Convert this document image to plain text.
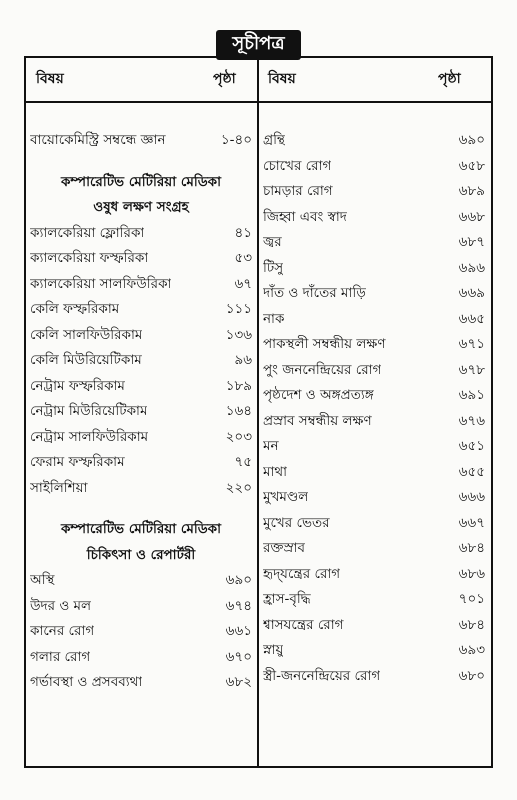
সূচীপত্র
বিষয়	পৃষ্ঠা বিষয়	পৃষ্ঠা
বায়োকেমিস্ট্রি সম্বন্ধে জ্ঞান	১-৪০
কম্পারেটিভ মেটিরিয়া মেডিকা
ওষুধ লক্ষণ সংগ্রহ
ক্যালকেরিয়া ফ্লোরিকা	৪১
ক্যালকেরিয়া ফস্ফরিকা	৫৩
ক্যালকেরিয়া সালফিউরিকা	৬৭
কেলি ফস্ফরিকাম	১১১
কেলি সালফিউরিকাম	১৩৬
কেলি মিউরিয়েটিকাম	৯৬
নেট্রাম ফস্ফরিকাম	১৮৯
নেট্রাম মিউরিয়েটিকাম	১৬৪
নেট্রাম সালফিউরিকাম	২০৩
ফেরাম ফস্ফরিকাম	৭৫
সাইলিশিয়া	২২০
কম্পারেটিভ মেটিরিয়া মেডিকা
চিকিৎসা ও রেপার্টরী
অস্থি	৬৯০
উদর ও মল	৬৭৪
কানের রোগ	৬৬১
গলার রোগ	৬৭০
গর্ভাবস্থা ও প্রসবব্যথা	৬৮২
গ্রন্থি	৬৯০
চোখের রোগ	৬৫৮
চামড়ার রোগ	৬৮৯
জিহ্বা এবং স্বাদ	৬৬৮
জ্বর	৬৮৭
টিসু	৬৯৬
দাঁত ও দাঁতের মাড়ি	৬৬৯
নাক	৬৬৫
পাকস্থলী সম্বন্ধীয় লক্ষণ	৬৭১
পুং জননেন্দ্রিয়ের রোগ	৬৭৮
পৃষ্ঠদেশ ও অঙ্গপ্রত্যঙ্গ	৬৯১
প্রস্রাব সম্বন্ধীয় লক্ষণ	৬৭৬
মন	৬৫১
মাথা	৬৫৫
মুখমণ্ডল	৬৬৬
মুখের ভেতর	৬৬৭
রক্তস্রাব	৬৮৪
হৃদ্‌যন্ত্রের রোগ	৬৮৬
হ্রাস-বৃদ্ধি	৭০১
শ্বাসযন্ত্রের রোগ	৬৮৪
স্নায়ু	৬৯৩
স্ত্রী-জননেন্দ্রিয়ের রোগ	৬৮০
